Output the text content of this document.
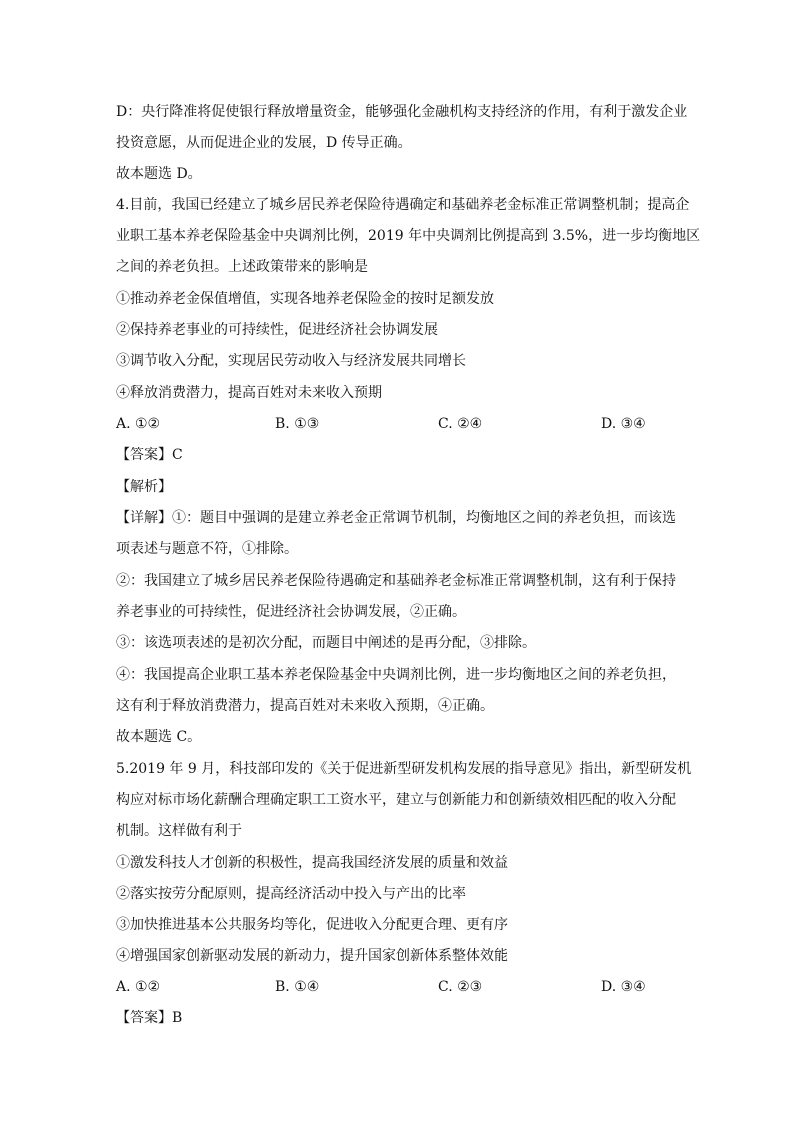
D：央行降准将促使银行释放增量资金，能够强化金融机构支持经济的作用，有利于激发企业
投资意愿，从而促进企业的发展，D 传导正确。
故本题选 D。
4.目前，我国已经建立了城乡居民养老保险待遇确定和基础养老金标准正常调整机制；提高企
业职工基本养老保险基金中央调剂比例，2019 年中央调剂比例提高到 3.5%，进一步均衡地区
之间的养老负担。上述政策带来的影响是
①推动养老金保值增值，实现各地养老保险金的按时足额发放
②保持养老事业的可持续性，促进经济社会协调发展
③调节收入分配，实现居民劳动收入与经济发展共同增长
④释放消费潜力，提高百姓对未来收入预期
A. ①②	B. ①③	C. ②④	D. ③④
【答案】C
【解析】
【详解】①：题目中强调的是建立养老金正常调节机制，均衡地区之间的养老负担，而该选
项表述与题意不符，①排除。
②：我国建立了城乡居民养老保险待遇确定和基础养老金标准正常调整机制，这有利于保持
养老事业的可持续性，促进经济社会协调发展，②正确。
③：该选项表述的是初次分配，而题目中阐述的是再分配，③排除。
④：我国提高企业职工基本养老保险基金中央调剂比例，进一步均衡地区之间的养老负担，
这有利于释放消费潜力，提高百姓对未来收入预期，④正确。
故本题选 C。
5.2019 年 9 月，科技部印发的《关于促进新型研发机构发展的指导意见》指出，新型研发机
构应对标市场化薪酬合理确定职工工资水平，建立与创新能力和创新绩效相匹配的收入分配
机制。这样做有利于
①激发科技人才创新的积极性，提高我国经济发展的质量和效益
②落实按劳分配原则，提高经济活动中投入与产出的比率
③加快推进基本公共服务均等化，促进收入分配更合理、更有序
④增强国家创新驱动发展的新动力，提升国家创新体系整体效能
A. ①②	B. ①④	C. ②③	D. ③④
【答案】B
